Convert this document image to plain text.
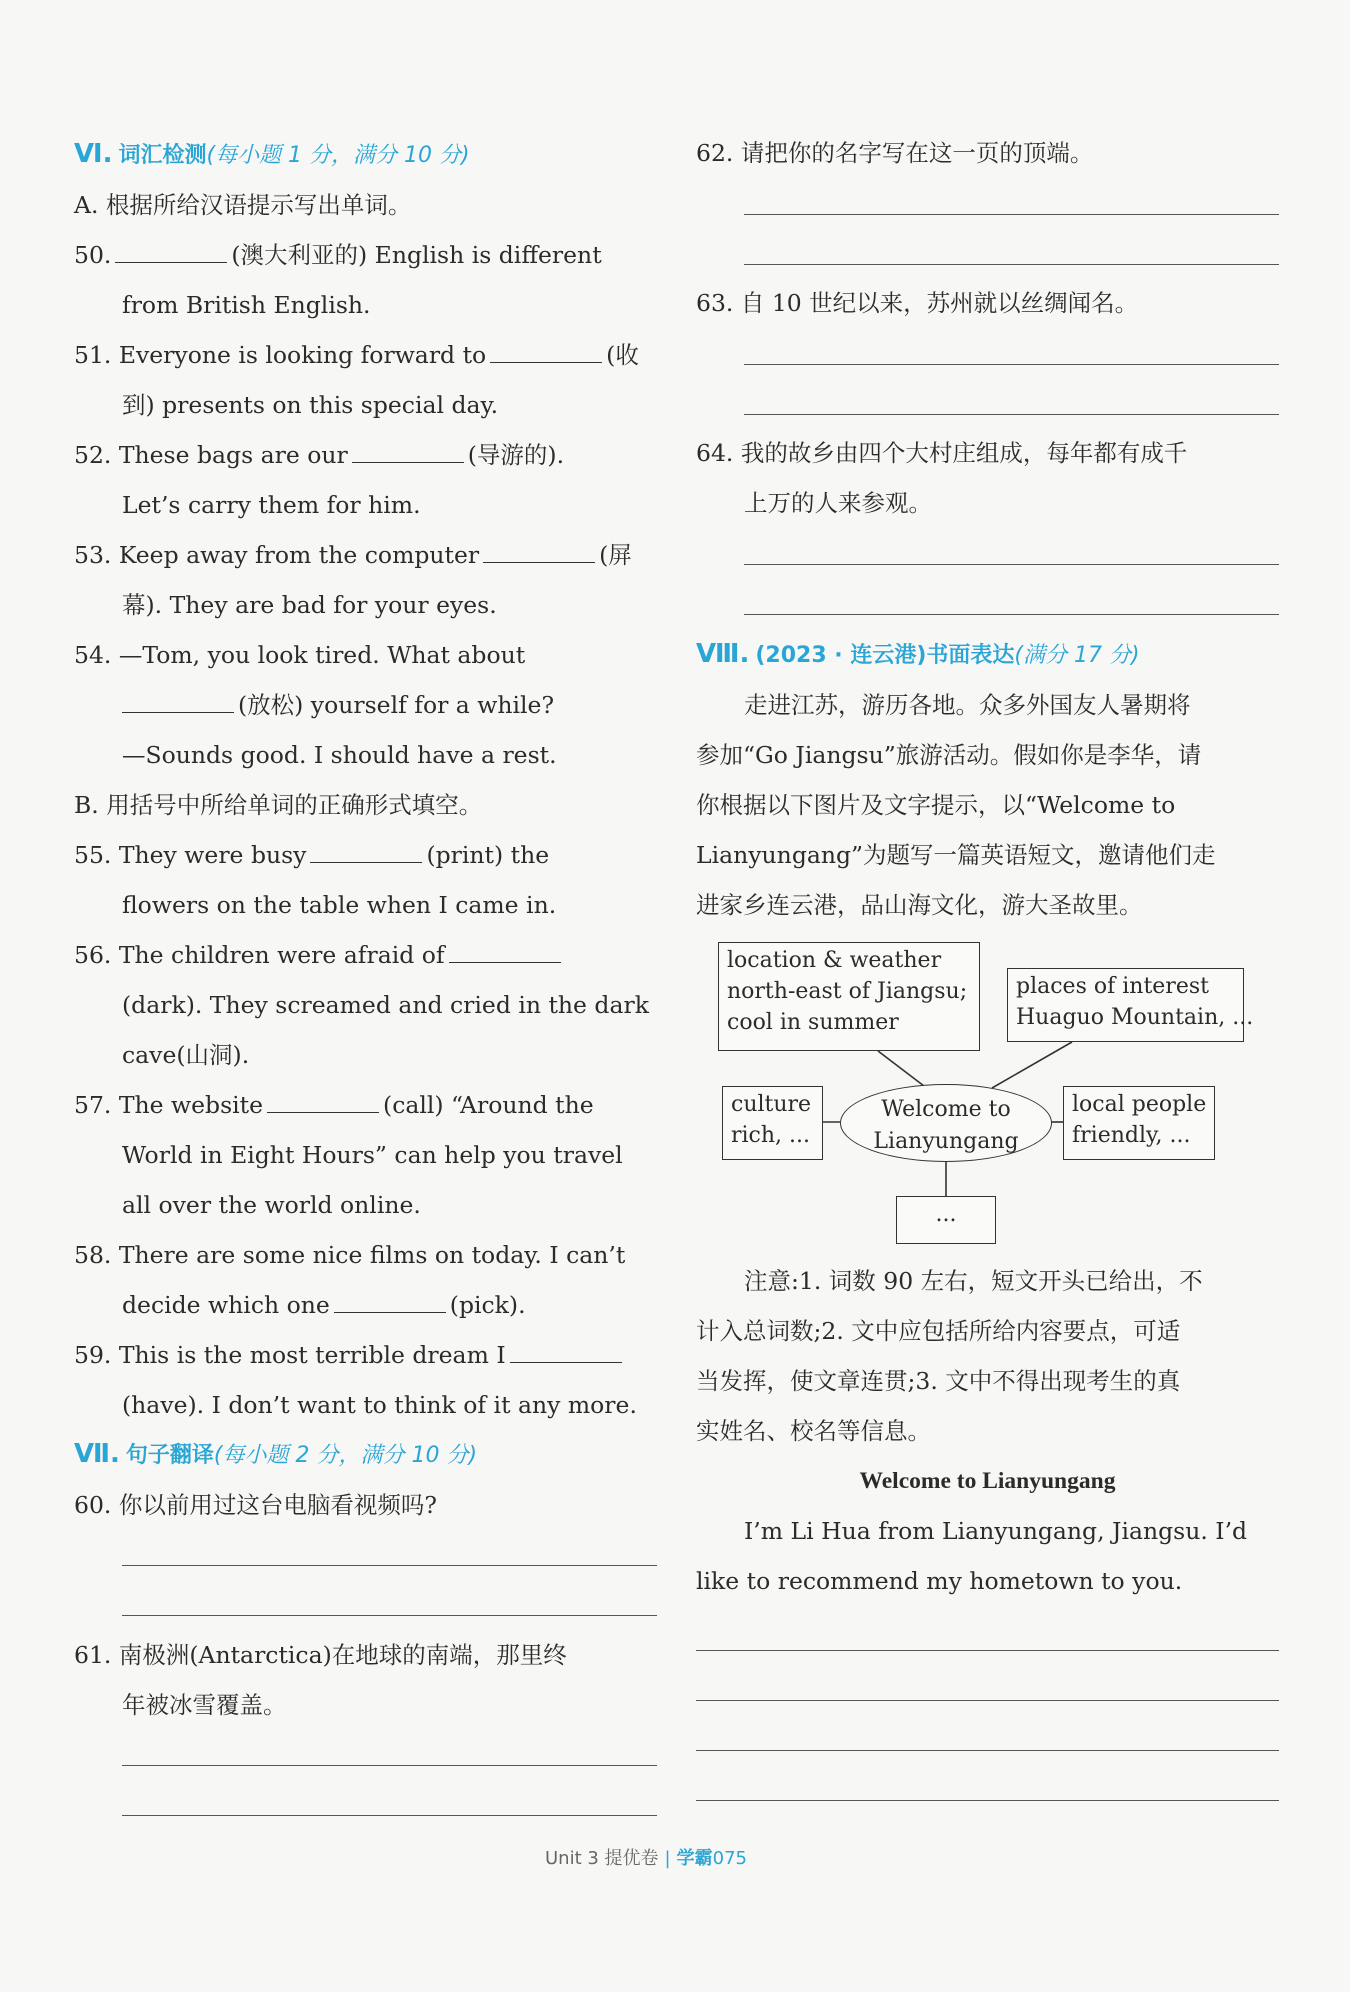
Ⅵ. 词汇检测(每小题 1 分，满分 10 分)
A. 根据所给汉语提示写出单词。
50.	(澳大利亚的) English is different
from British English.
51. Everyone is looking forward to	(收
到) presents on this special day.
52. These bags are our	(导游的).
Let’s carry them for him.
53. Keep away from the computer	(屏
幕). They are bad for your eyes.
54. —Tom, you look tired. What about
(放松) yourself for a while?
—Sounds good. I should have a rest.
B. 用括号中所给单词的正确形式填空。
55. They were busy	(print) the
flowers on the table when I came in.
56. The children were afraid of
(dark). They screamed and cried in the dark
cave(山洞).
57. The website	(call) “Around the
World in Eight Hours” can help you travel
all over the world online.
58. There are some nice films on today. I can’t
decide which one	(pick).
59. This is the most terrible dream I
(have). I don’t want to think of it any more.
Ⅶ. 句子翻译(每小题 2 分，满分 10 分)
60. 你以前用过这台电脑看视频吗?
61. 南极洲(Antarctica)在地球的南端，那里终
年被冰雪覆盖。
62. 请把你的名字写在这一页的顶端。
63. 自 10 世纪以来，苏州就以丝绸闻名。
64. 我的故乡由四个大村庄组成，每年都有成千
上万的人来参观。
Ⅷ. (2023 · 连云港)书面表达(满分 17 分)
走进江苏，游历各地。众多外国友人暑期将
参加“Go Jiangsu”旅游活动。假如你是李华，请
你根据以下图片及文字提示，以“Welcome to
Lianyungang”为题写一篇英语短文，邀请他们走
进家乡连云港，品山海文化，游大圣故里。
注意:1. 词数 90 左右，短文开头已给出，不
计入总词数;2. 文中应包括所给内容要点，可适
当发挥，使文章连贯;3. 文中不得出现考生的真
实姓名、校名等信息。
Welcome to Lianyungang
I’m Li Hua from Lianyungang, Jiangsu. I’d
like to recommend my hometown to you.
location & weather
north-east of Jiangsu;
cool in summer
places of interest
Huaguo Mountain, ...
culture
rich, ...
Welcome to
Lianyungang
local people
friendly, ...
...
Unit 3 提优卷 | 学霸075
